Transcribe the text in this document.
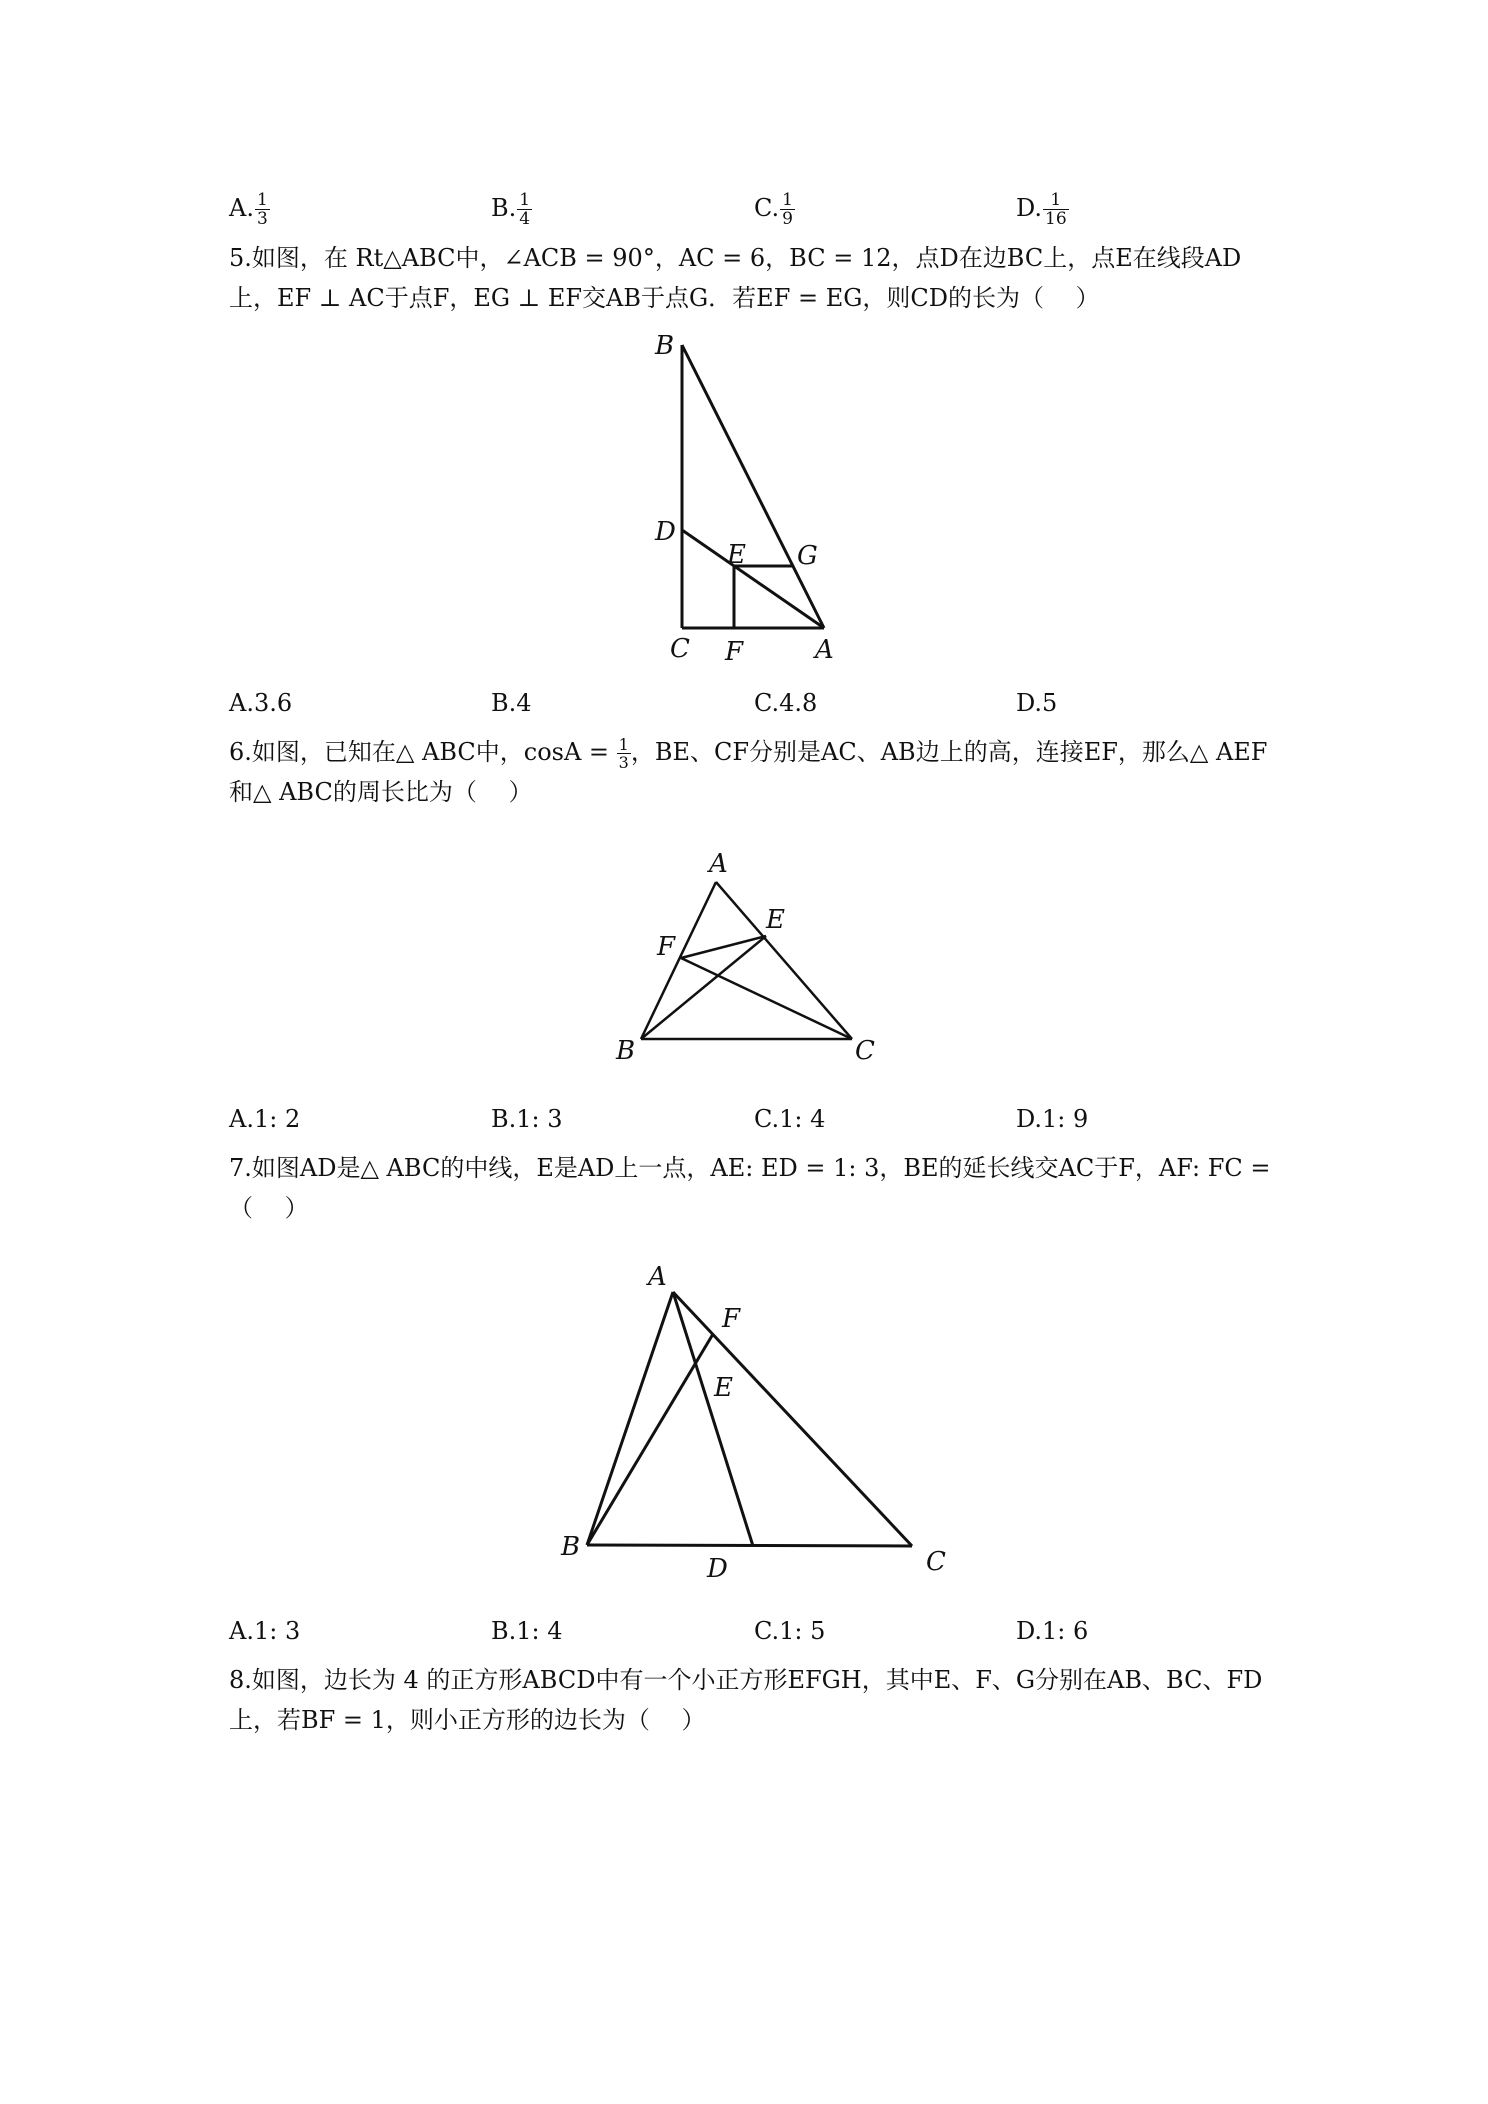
A. $\frac{1}{3}$	B. $\frac{1}{4}$	C. $\frac{1}{9}$	D. $\frac{1}{16}$
5.如图，在 Rt△ABC中，∠ACB = 90°，AC = 6，BC = 12，点D在边BC上，点E在线段AD
上，EF ⊥ AC于点F，EG ⊥ EF交AB于点G．若EF = EG，则CD的长为（　 ）
B
D
E G
C F	A
A.3.6	B.4	C.4.8	D.5
6.如图，已知在△ ABC中，$\cos A = \frac{1}{3}$ ，BE、CF分别是AC、AB边上的高，连接EF，那么△ AEF
和△ ABC的周长比为（　 ）
A
E
F
B	C
A.1: 2	B.1: 3	C.1: 4	D.1: 9
7.如图AD是△ ABC的中线，E是AD上一点，AE: ED = 1: 3，BE的延长线交AC于F，AF: FC =
（　 ）
A
F
E
B
D	C
A.1: 3	B.1: 4	C.1: 5	D.1: 6
8.如图，边长为 4 的正方形ABCD中有一个小正方形EFGH，其中E、F、G分别在AB、BC、FD
上，若BF = 1，则小正方形的边长为（　 ）
